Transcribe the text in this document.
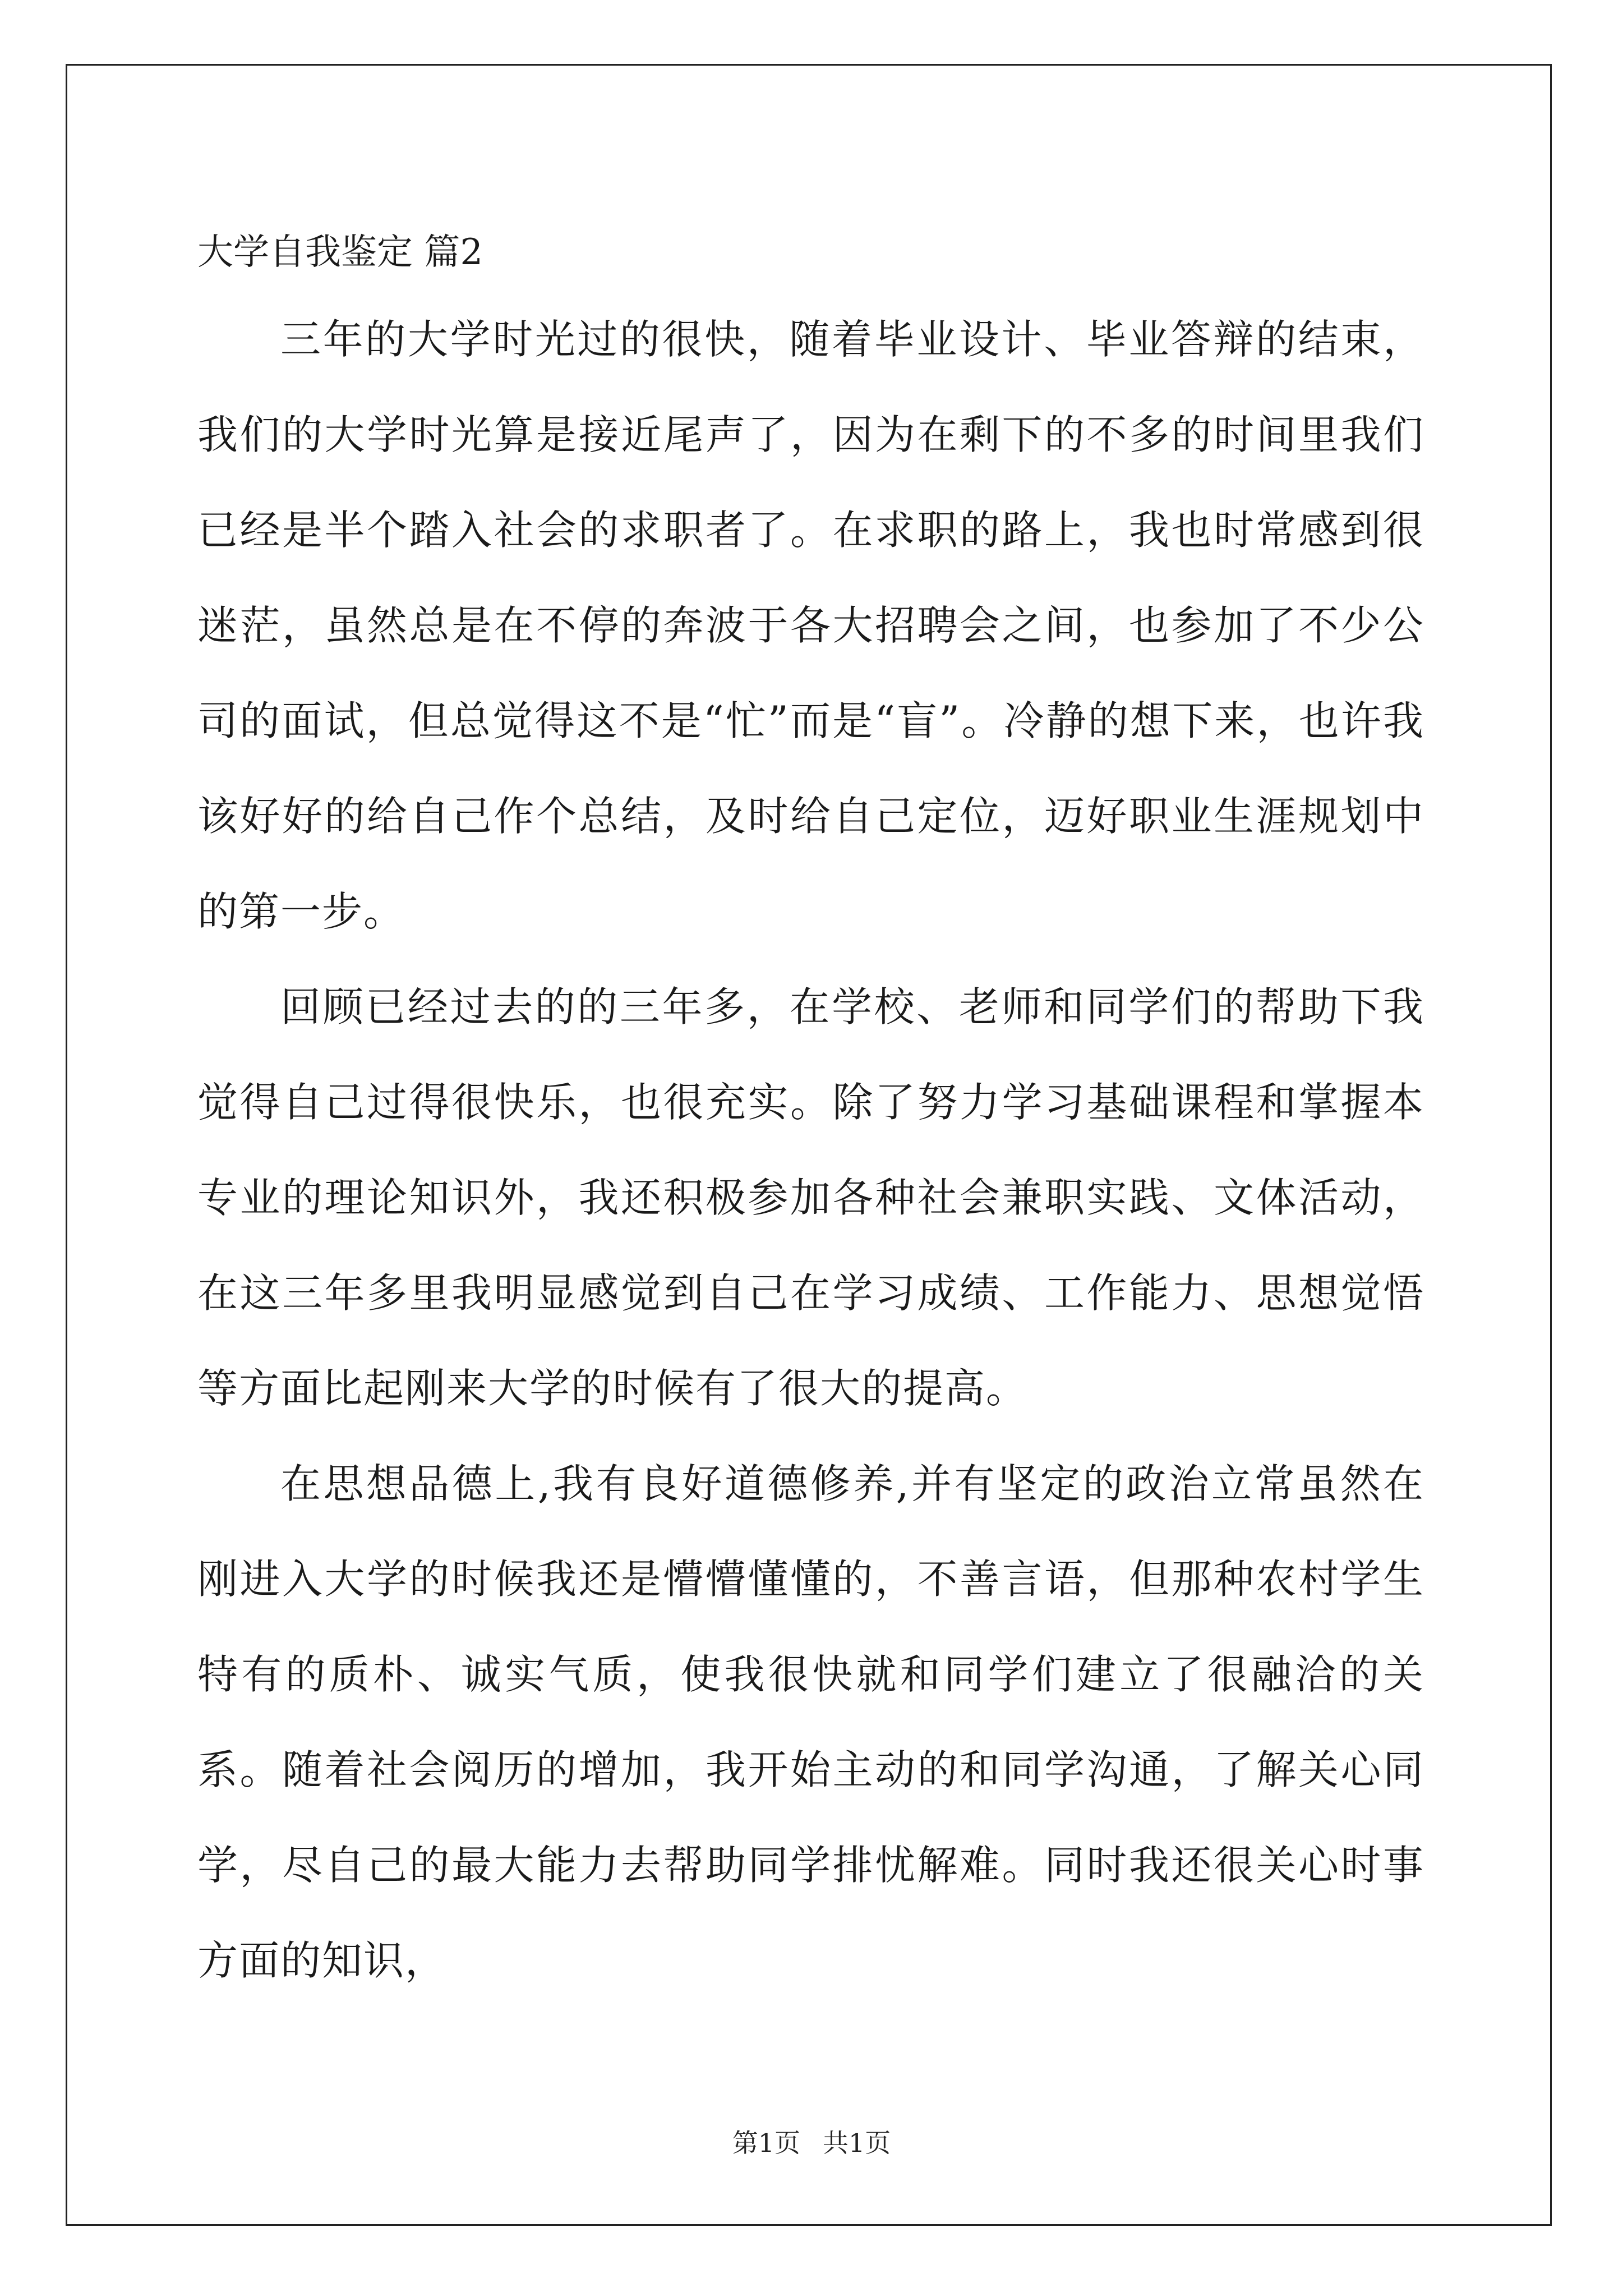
大学自我鉴定 篇2

三年的大学时光过的很快，随着毕业设计、毕业答辩的结束，我们的大学时光算是接近尾声了，因为在剩下的不多的时间里我们已经是半个踏入社会的求职者了。在求职的路上，我也时常感到很迷茫，虽然总是在不停的奔波于各大招聘会之间，也参加了不少公司的面试，但总觉得这不是“忙”而是“盲”。冷静的想下来，也许我该好好的给自己作个总结，及时给自己定位，迈好职业生涯规划中的第一步。

回顾已经过去的的三年多，在学校、老师和同学们的帮助下我觉得自己过得很快乐，也很充实。除了努力学习基础课程和掌握本专业的理论知识外，我还积极参加各种社会兼职实践、文体活动，在这三年多里我明显感觉到自己在学习成绩、工作能力、思想觉悟等方面比起刚来大学的时候有了很大的提高。

在思想品德上,我有良好道德修养,并有坚定的政治立常虽然在刚进入大学的时候我还是懵懵懂懂的，不善言语，但那种农村学生特有的质朴、诚实气质，使我很快就和同学们建立了很融洽的关系。随着社会阅历的增加，我开始主动的和同学沟通，了解关心同学，尽自己的最大能力去帮助同学排忧解难。同时我还很关心时事方面的知识，

第1页 共1页
